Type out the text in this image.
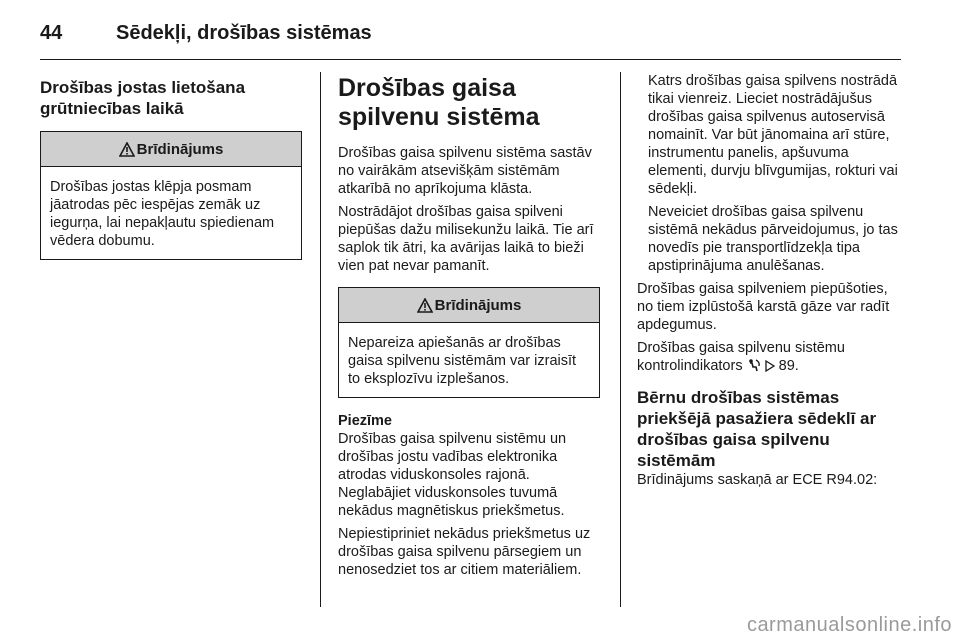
44	Sēdekļi, drošības sistēmas
Drošības jostas lietošana grūtniecības laikā
Brīdinājums
Drošības jostas klēpja posmam jāatrodas pēc iespējas zemāk uz iegurņa, lai nepakļautu spiedienam vēdera dobumu.
Drošības gaisa spilvenu sistēma

Drošības gaisa spilvenu sistēma sastāv no vairākām atsevišķām sistēmām atkarībā no aprīkojuma klāsta.

Nostrādājot drošības gaisa spilveni piepūšas dažu milisekunžu laikā. Tie arī saplok tik ātri, ka avārijas laikā to bieži vien pat nevar pamanīt.

Brīdinājums
Nepareiza apiešanās ar drošības gaisa spilvenu sistēmām var izraisīt to eksplozīvu izplešanos.
Piezīme

Drošības gaisa spilvenu sistēmu un drošības jostu vadības elektronika atrodas viduskonsoles rajonā. Neglabājiet viduskonsoles tuvumā nekādus magnētiskus priekšmetus.

Nepiestipriniet nekādus priekšmetus uz drošības gaisa spilvenu pārsegiem un nenosedziet tos ar citiem materiāliem.

Katrs drošības gaisa spilvens nostrādā tikai vienreiz. Lieciet nostrādājušus drošības gaisa spilvenus autoservisā nomainīt. Var būt jānomaina arī stūre, instrumentu panelis, apšuvuma elementi, durvju blīvgumijas, rokturi vai sēdekļi.

Neveiciet drošības gaisa spilvenu sistēmā nekādus pārveidojumus, jo tas novedīs pie transportlīdzekļa tipa apstiprinājuma anulēšanas.

Drošības gaisa spilveniem piepūšoties, no tiem izplūstošā karstā gāze var radīt apdegumus.

Drošības gaisa spilvenu sistēmu kontrolindikators 89.

Bērnu drošības sistēmas priekšējā pasažiera sēdeklī ar drošības gaisa spilvenu sistēmām

Brīdinājums saskaņā ar ECE R94.02:

carmanualsonline.info
